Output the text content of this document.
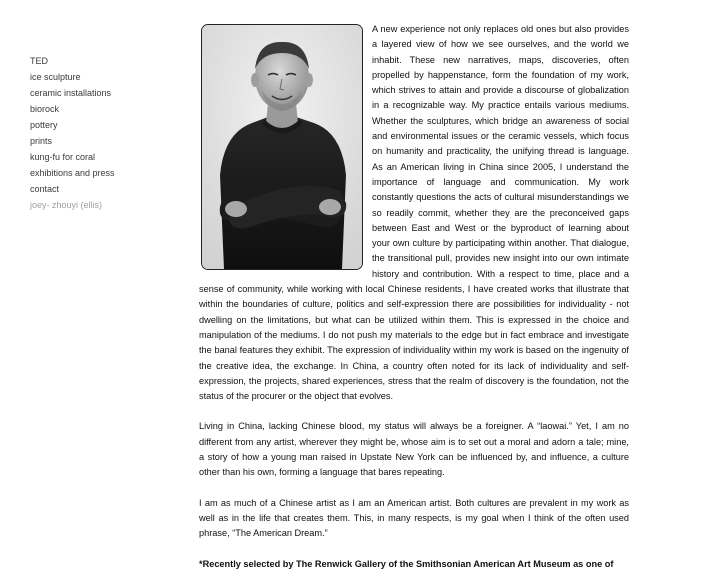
TED
ice sculpture
ceramic installations
biorock
pottery
prints
kung-fu for coral
exhibitions and press
contact
joey- zhouyi (ellis)

A new experience not only replaces old ones but also provides a layered view of how we see ourselves, and the world we inhabit. These new narratives, maps, discoveries, often propelled by happenstance, form the foundation of my work, which strives to attain and provide a discourse of globalization in a recognizable way. My practice entails various mediums. Whether the sculptures, which bridge an awareness of social and environmental issues or the ceramic vessels, which focus on humanity and practicality, the unifying thread is language. As an American living in China since 2005, I understand the importance of language and communication. My work constantly questions the acts of cultural misunderstandings we so readily commit, whether they are the preconceived gaps between East and West or the byproduct of learning about your own culture by participating within another. That dialogue, the transitional pull, provides new insight into our own intimate history and contribution. With a respect to time, place and a sense of community, while working with local Chinese residents, I have created works that illustrate that within the boundaries of culture, politics and self-expression there are possibilities for individuality - not dwelling on the limitations, but what can be utilized within them. This is expressed in the choice and manipulation of the mediums. I do not push my materials to the edge but in fact embrace and investigate the banal features they exhibit. The expression of individuality within my work is based on the ingenuity of the creative idea, the exchange. In China, a country often noted for its lack of individuality and self-expression, the projects, shared experiences, stress that the realm of discovery is the foundation, not the status of the procurer or the object that evolves.

Living in China, lacking Chinese blood, my status will always be a foreigner. A “laowai.” Yet, I am no different from any artist, wherever they might be, whose aim is to set out a moral and adorn a tale; mine, a story of how a young man raised in Upstate New York can be influenced by, and influence, a culture other than his own, forming a language that bares repeating.

I am as much of a Chinese artist as I am an American artist. Both cultures are prevalent in my work as well as in the life that creates them. This, in many respects, is my goal when I think of the often used phrase, “The American Dream.”

*Recently selected by The Renwick Gallery of the Smithsonian American Art Museum as one of
